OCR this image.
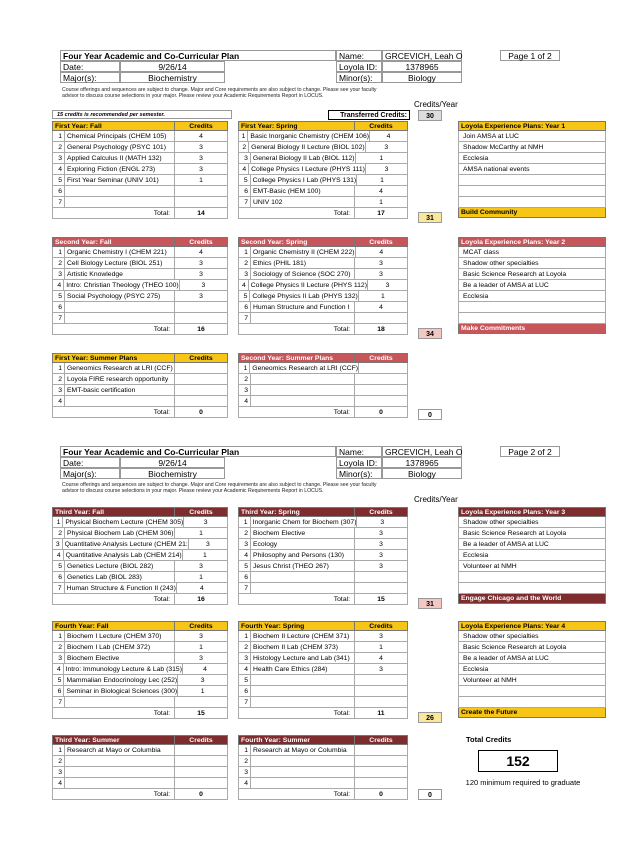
Four Year Academic and Co-Curricular Plan	Name:	GRCEVICH, Leah O	Page 1 of 2
Date:	9/26/14	Loyola ID:	1378965
Major(s):	Biochemistry	Minor(s):	Biology
Course offerings and sequences are subject to change. Major and Core requirements are also subject to change. Please see your faculty advisor to discuss course selections in your major. Please review your Academic Requirements Report in LOCUS.
Credits/Year
15 credits is recommended per semester.	Transferred Credits:	30
Four Year Academic and Co-Curricular Plan	Name:	GRCEVICH, Leah O	Page 2 of 2
Date:	9/26/14	Loyola ID:	1378965
Major(s):	Biochemistry	Minor(s):	Biology
Course offerings and sequences are subject to change. Major and Core requirements are also subject to change. Please see your faculty advisor to discuss course selections in your major. Please review your Academic Requirements Report in LOCUS.
Credits/Year
First Year: Fall	Credits
1 Chemical Principals (CHEM 105)	4
2 General Psychology (PSYC 101)	3
3 Applied Calculus II (MATH 132)	3
4 Exploring Fiction (ENGL 273)	3
5 First Year Seminar (UNIV 101)	1
6
7
Total:	14
First Year: Spring	Credits
1 Basic Inorganic Chemistry (CHEM 106)	4
2 General Biology II Lecture (BIOL 102)	3
3 General Biology II Lab (BIOL 112)	1
4 College Physics I Lecture (PHYS 111)	3
5 College Physics I Lab (PHYS 131)	1
6 EMT-Basic (HEM 100)	4
7 UNIV 102	1
Total:	17
Second Year: Fall	Credits
1 Organic Chemistry I (CHEM 221)	4
2 Cell Biology Lecture (BIOL 251)	3
3 Artistic Knowledge	3
4 Intro: Christian Theology (THEO 100)	3
5 Social Psychology (PSYC 275)	3
6
7
Total:	16
Second Year: Spring	Credits
1 Organic Chemistry II (CHEM 222)	4
2 Ethics (PHIL 181)	3
3 Sociology of Science (SOC 270)	3
4 College Physics II Lecture (PHYS 112)	3
5 College Physics II Lab (PHYS 132)	1
6 Human Structure and Function I	4
7
Total:	18
First Year: Summer Plans	Credits
1 Geneomics Research at LRI (CCF)
2 Loyola FIRE research opportunity
3 EMT-basic certification
4
Total:	0
Second Year: Summer Plans	Credits
1 Geneomics Research at LRI (CCF)
2
3
4
Total:	0
Third Year: Fall	Credits
1 Physical Biochem Lecture (CHEM 305)	3
2 Physical Biochem Lab (CHEM 306)	1
3 Quantitative Analysis Lecture (CHEM 21:	3
4 Quantitative Analysis Lab (CHEM 214)	1
5 Genetics Lecture (BIOL 282)	3
6 Genetics Lab (BIOL 283)	1
7 Human Structure & Function II (243)	4
Total:	16
Third Year: Spring	Credits
1 Inorganic Chem for Biochem (307)	3
2 Biochem Elective	3
3 Ecology	3
4 Philosophy and Persons (130)	3
5 Jesus Christ (THEO 267)	3
6
7
Total:	15
Fourth Year: Fall	Credits
1 Biochem I Lecture (CHEM 370)	3
2 Biochem I Lab (CHEM 372)	1
3 Biochem Elective	3
4 Intro: Immunology Lecture & Lab (315)	4
5 Mammalian Endocrinology Lec (252)	3
6 Seminar in Biological Sciences (300)	1
7
Total:	15
Fourth Year: Spring	Credits
1 Biochem II Lecture (CHEM 371)	3
2 Biochem II Lab (CHEM 373)	1
3 Histology Lecture and Lab (341)	4
4 Health Care Ethics (284)	3
5
6
7
Total:	11
Third Year: Summer	Credits
1 Research at Mayo or Columbia
2
3
4
Total:	0
Fourth Year: Summer	Credits
1 Research at Mayo or Columbia
2
3
4
Total:	0
31
34
0
31
26
0
Loyola Experience Plans: Year 1
Join AMSA at LUC
Shadow McCarthy at NMH
Ecclesia
AMSA national events
Build Community
Loyola Experience Plans: Year 2
MCAT class
Shadow other specialties
Basic Science Research at Loyola
Be a leader of AMSA at LUC
Ecclesia
Make Commitments
Loyola Experience Plans: Year 3
Shadow other specialties
Basic Science Research at Loyola
Be a leader of AMSA at LUC
Ecclesia
Volunteer at NMH
Engage Chicago and the World
Loyola Experience Plans: Year 4
Shadow other specialties
Basic Science Research at Loyola
Be a leader of AMSA at LUC
Ecclesia
Volunteer at NMH
Create the Future
Total Credits
152
120 minimum required to graduate
